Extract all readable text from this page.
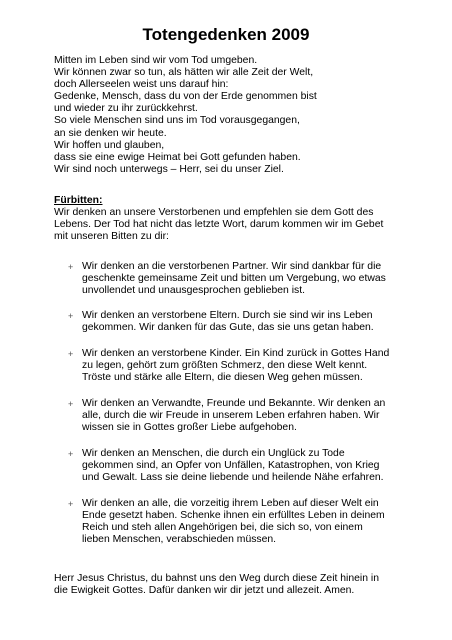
Totengedenken 2009
Mitten im Leben sind wir vom Tod umgeben.
Wir können zwar so tun, als hätten wir alle Zeit der Welt,
doch Allerseelen weist uns darauf hin:
Gedenke, Mensch, dass du von der Erde genommen bist
und wieder zu ihr zurückkehrst.
So viele Menschen sind uns im Tod vorausgegangen,
an sie denken wir heute.
Wir hoffen und glauben,
dass sie eine ewige Heimat bei Gott gefunden haben.
Wir sind noch unterwegs – Herr, sei du unser Ziel.
Fürbitten:
Wir denken an unsere Verstorbenen und empfehlen sie dem Gott des
Lebens. Der Tod hat nicht das letzte Wort, darum kommen wir im Gebet
mit unseren Bitten zu dir:
+ Wir denken an die verstorbenen Partner. Wir sind dankbar für die
geschenkte gemeinsame Zeit und bitten um Vergebung, wo etwas
unvollendet und unausgesprochen geblieben ist.
+ Wir denken an verstorbene Eltern. Durch sie sind wir ins Leben
gekommen. Wir danken für das Gute, das sie uns getan haben.
+ Wir denken an verstorbene Kinder. Ein Kind zurück in Gottes Hand
zu legen, gehört zum größten Schmerz, den diese Welt kennt.
Tröste und stärke alle Eltern, die diesen Weg gehen müssen.
+ Wir denken an Verwandte, Freunde und Bekannte. Wir denken an
alle, durch die wir Freude in unserem Leben erfahren haben. Wir
wissen sie in Gottes großer Liebe aufgehoben.
+ Wir denken an Menschen, die durch ein Unglück zu Tode
gekommen sind, an Opfer von Unfällen, Katastrophen, von Krieg
und Gewalt. Lass sie deine liebende und heilende Nähe erfahren.
+ Wir denken an alle, die vorzeitig ihrem Leben auf dieser Welt ein
Ende gesetzt haben. Schenke ihnen ein erfülltes Leben in deinem
Reich und steh allen Angehörigen bei, die sich so, von einem
lieben Menschen, verabschieden müssen.
Herr Jesus Christus, du bahnst uns den Weg durch diese Zeit hinein in
die Ewigkeit Gottes. Dafür danken wir dir jetzt und allezeit. Amen.
